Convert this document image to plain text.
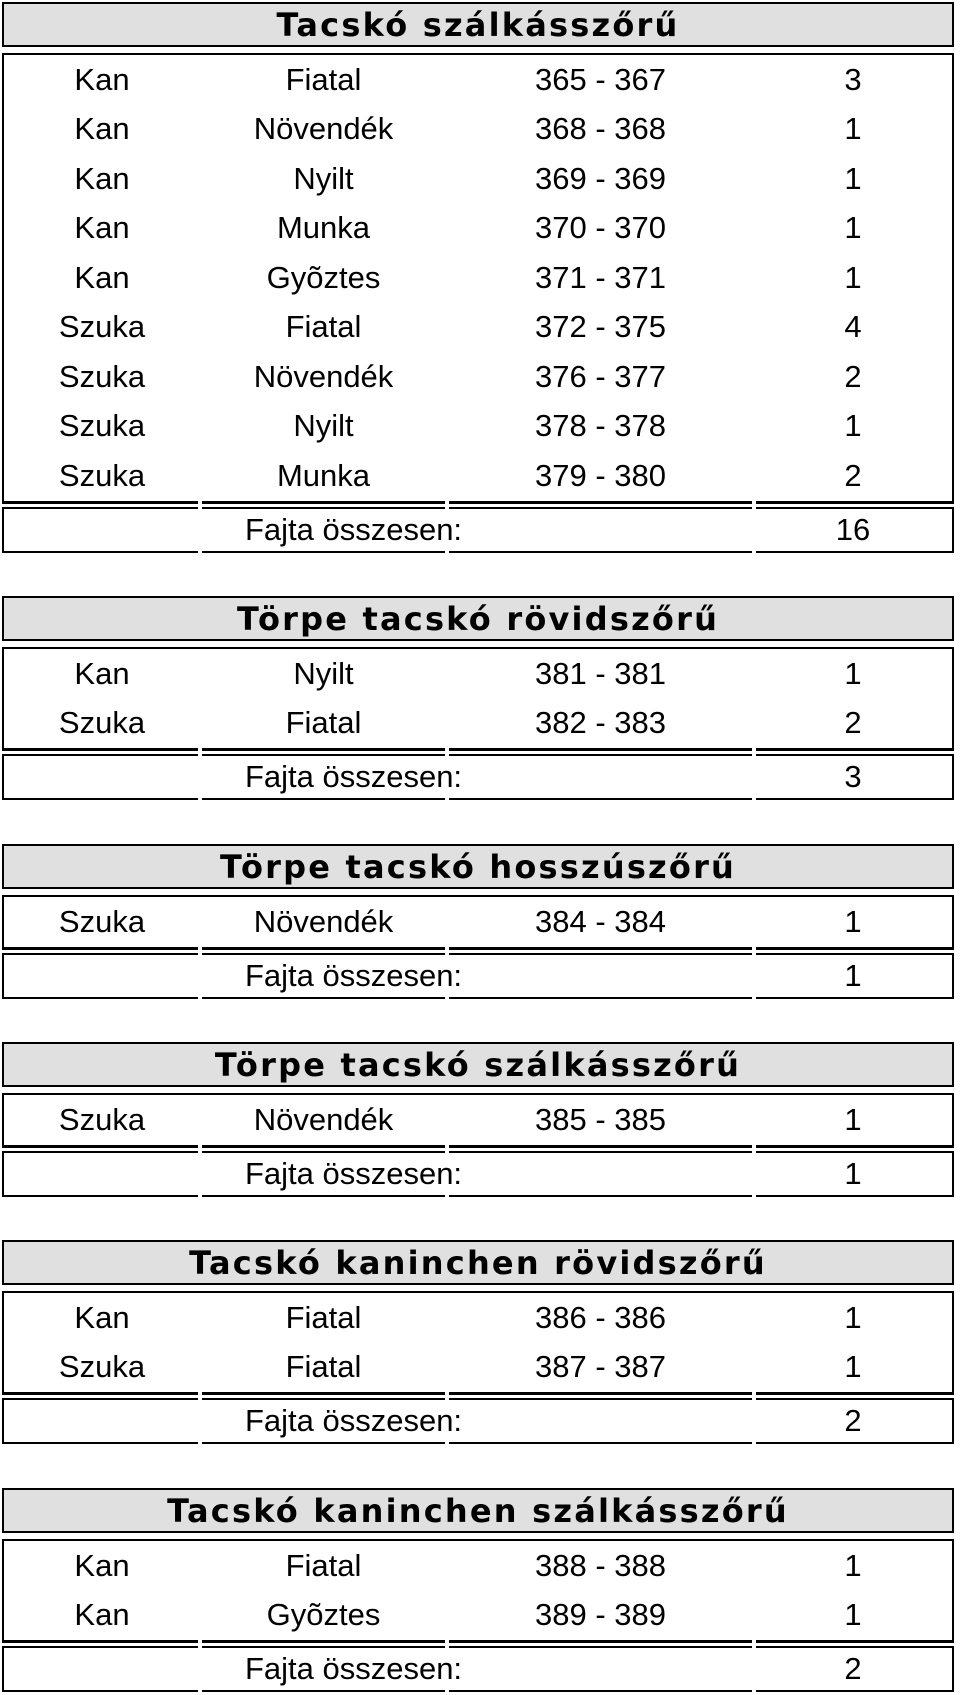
Tacskó szálkásszőrű
Kan	Fiatal	365 - 367	3
Kan	Növendék	368 - 368	1
Kan	Nyilt	369 - 369	1
Kan	Munka	370 - 370	1
Kan	Gyõztes	371 - 371	1
Szuka	Fiatal	372 - 375	4
Szuka	Növendék	376 - 377	2
Szuka	Nyilt	378 - 378	1
Szuka	Munka	379 - 380	2
Fajta összesen:	16
Törpe tacskó rövidszőrű
Kan	Nyilt	381 - 381	1
Szuka	Fiatal	382 - 383	2
Fajta összesen:	3
Törpe tacskó hosszúszőrű
Szuka	Növendék	384 - 384	1
Fajta összesen:	1
Törpe tacskó szálkásszőrű
Szuka	Növendék	385 - 385	1
Fajta összesen:	1
Tacskó kaninchen rövidszőrű
Kan	Fiatal	386 - 386	1
Szuka	Fiatal	387 - 387	1
Fajta összesen:	2
Tacskó kaninchen szálkásszőrű
Kan	Fiatal	388 - 388	1
Kan	Gyõztes	389 - 389	1
Fajta összesen:	2
